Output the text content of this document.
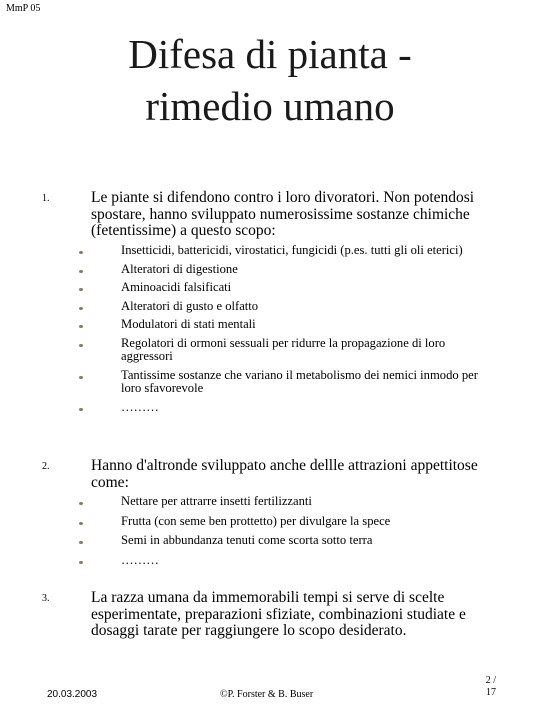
MmP 05
Difesa di pianta -
rimedio umano
1.	Le piante si difendono contro i loro divoratori. Non potendosi spostare, hanno sviluppato numerosissime sostanze chimiche (fetentissime) a questo scopo:
Insetticidi, battericidi, virostatici, fungicidi (p.es. tutti gli oli eterici)
Alteratori di digestione
Aminoacidi falsificati
Alteratori di gusto e olfatto
Modulatori di stati mentali
Regolatori di ormoni sessuali per ridurre la propagazione di loro aggressori
Tantissime sostanze che variano il metabolismo dei nemici inmodo per loro sfavorevole
………
2.	Hanno d'altronde sviluppato anche dellle attrazioni appettitose come:
Nettare per attrarre insetti fertilizzanti
Frutta (con seme ben prottetto) per divulgare la spece
Semi in abbundanza tenuti come scorta sotto terra
………
3.	La razza umana da immemorabili tempi si serve di scelte esperimentate, preparazioni sfiziate, combinazioni studiate e dosaggi tarate per raggiungere lo scopo desiderato.
20.03.2003	©P. Forster & B. Buser
2 /
17
